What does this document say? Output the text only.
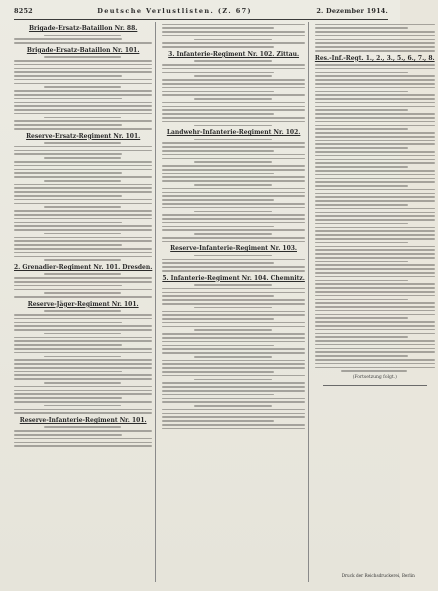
8252	Deutsche Verlustlisten. (Z. 67)	2. Dezember 1914.
Brigade-Ersatz-Bataillon Nr. 88.
Brigade-Ersatz-Bataillon Nr. 101.
Reserve-Ersatz-Regiment Nr. 101.
2. Grenadier-Regiment Nr. 101. Dresden.
Reserve-Jäger-Regiment Nr. 101.
Reserve-Infanterie-Regiment Nr. 101.
3. Infanterie-Regiment Nr. 102. Zittau.
Landwehr-Infanterie-Regiment Nr. 102.
Reserve-Infanterie-Regiment Nr. 103.
5. Infanterie-Regiment Nr. 104. Chemnitz.
Res.-Inf.-Regt. 1., 2., 3., 5., 6., 7., 8.
(Fortsetzung folgt.)
Druck der Reichsdruckerei, Berlin
